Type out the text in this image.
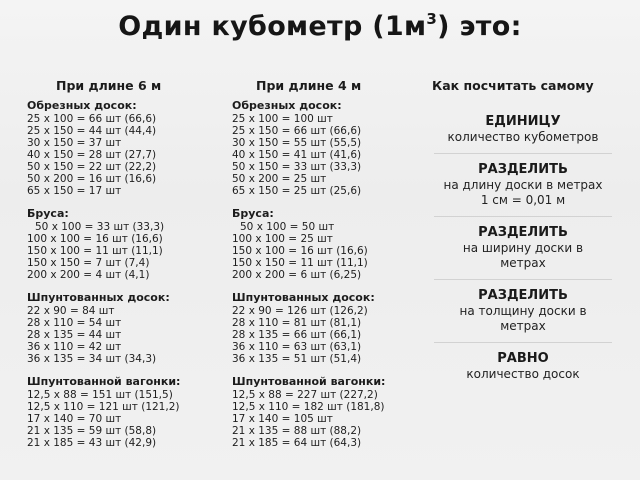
Один кубометр $(1м^3)$ это:
При длине 6 м	При длине 4 м	Как посчитать самому
Обрезных досок:
25 x 100 = 66 шт (66,6)
25 x 150 = 44 шт (44,4)
30 x 150 = 37 шт
40 x 150 = 28 шт (27,7)
50 x 150 = 22 шт (22,2)
50 x 200 = 16 шт (16,6)
65 x 150 = 17 шт
Бруса:
50 x 100 = 33 шт (33,3)
100 x 100 = 16 шт (16,6)
150 x 100 = 11 шт (11,1)
150 x 150 = 7 шт (7,4)
200 x 200 = 4 шт (4,1)
Шпунтованных досок:
22 x 90 = 84 шт
28 x 110 = 54 шт
28 x 135 = 44 шт
36 x 110 = 42 шт
36 x 135 = 34 шт (34,3)
Шпунтованной вагонки:
12,5 x 88 = 151 шт (151,5)
12,5 x 110 = 121 шт (121,2)
17 x 140 = 70 шт
21 x 135 = 59 шт (58,8)
21 x 185 = 43 шт (42,9)
Обрезных досок:
25 x 100 = 100 шт
25 x 150 = 66 шт (66,6)
30 x 150 = 55 шт (55,5)
40 x 150 = 41 шт (41,6)
50 x 150 = 33 шт (33,3)
50 x 200 = 25 шт
65 x 150 = 25 шт (25,6)
Бруса:
50 x 100 = 50 шт
100 x 100 = 25 шт
150 x 100 = 16 шт (16,6)
150 x 150 = 11 шт (11,1)
200 x 200 = 6 шт (6,25)
Шпунтованных досок:
22 x 90 = 126 шт (126,2)
28 x 110 = 81 шт (81,1)
28 x 135 = 66 шт (66,1)
36 x 110 = 63 шт (63,1)
36 x 135 = 51 шт (51,4)
Шпунтованной вагонки:
12,5 x 88 = 227 шт (227,2)
12,5 x 110 = 182 шт (181,8)
17 x 140 = 105 шт
21 x 135 = 88 шт (88,2)
21 x 185 = 64 шт (64,3)
ЕДИНИЦУ
количество кубометров
РАЗДЕЛИТЬ
на длину доски в метрах
1 см = 0,01 м
РАЗДЕЛИТЬ
на ширину доски в
метрах
РАЗДЕЛИТЬ
на толщину доски в
метрах
РАВНО
количество досок
